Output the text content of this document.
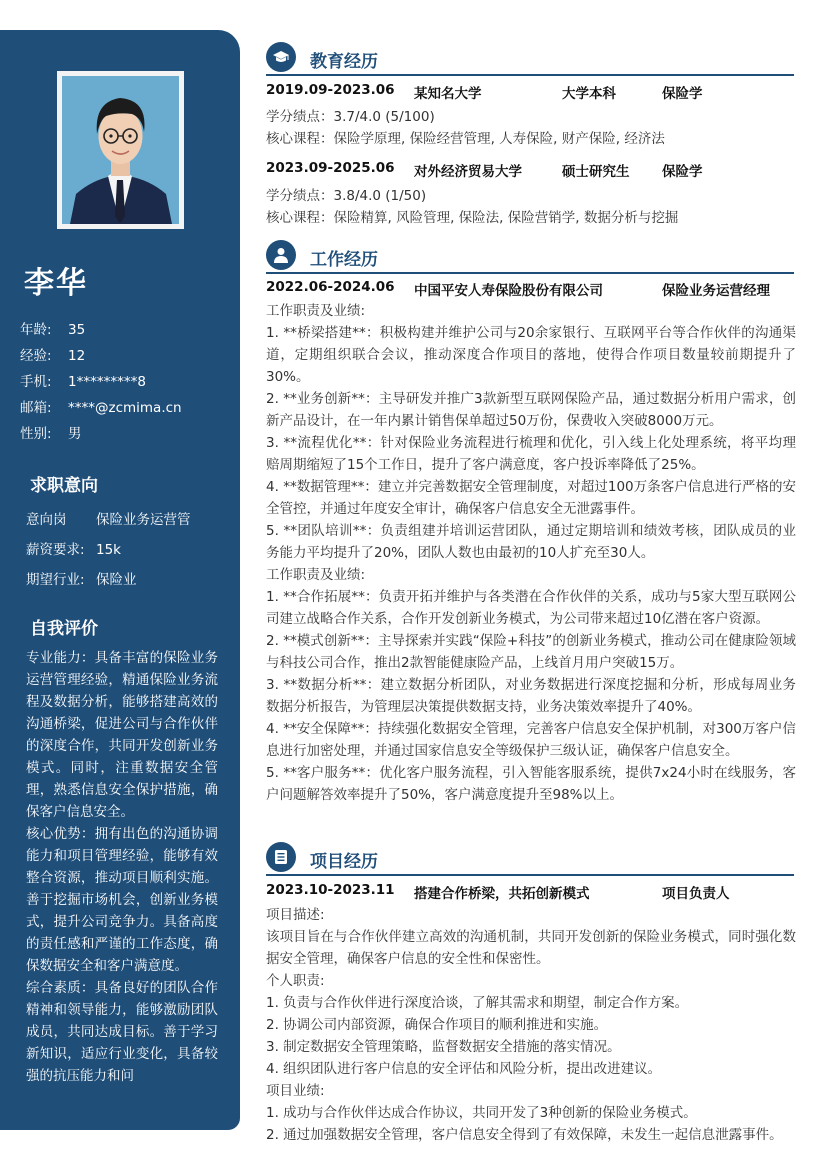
李华
年龄:	35
经验:	12
手机:	1*********8
邮箱:	****@zcmima.cn
性别:	男
求职意向
意向岗 保险业务运营管
薪资要求: 15k
期望行业: 保险业
自我评价

专业能力：具备丰富的保险业务运营管理经验，精通保险业务流程及数据分析，能够搭建高效的沟通桥梁，促进公司与合作伙伴的深度合作，共同开发创新业务模式。同时，注重数据安全管理，熟悉信息安全保护措施，确保客户信息安全。

核心优势：拥有出色的沟通协调能力和项目管理经验，能够有效整合资源，推动项目顺利实施。善于挖掘市场机会，创新业务模式，提升公司竞争力。具备高度的责任感和严谨的工作态度，确保数据安全和客户满意度。

综合素质：具备良好的团队合作精神和领导能力，能够激励团队成员，共同达成目标。善于学习新知识，适应行业变化，具备较强的抗压能力和问

教育经历
2019.09-2023.06 某知名大学	大学本科	保险学
学分绩点：3.7/4.0 (5/100)
核心课程：保险学原理, 保险经营管理, 人寿保险, 财产保险, 经济法
2023.09-2025.06 对外经济贸易大学	硕士研究生 保险学
学分绩点：3.8/4.0 (1/50)
核心课程：保险精算, 风险管理, 保险法, 保险营销学, 数据分析与挖掘
工作经历
2022.06-2024.06 中国平安人寿保险股份有限公司	保险业务运营经理
工作职责及业绩:
1. **桥梁搭建**：积极构建并维护公司与20余家银行、互联网平台等合作伙伴的沟通渠道，定期组织联合会议，推动深度合作项目的落地，使得合作项目数量较前期提升了30%。
2. **业务创新**：主导研发并推广3款新型互联网保险产品，通过数据分析用户需求，创新产品设计，在一年内累计销售保单超过50万份，保费收入突破8000万元。
3. **流程优化**：针对保险业务流程进行梳理和优化，引入线上化处理系统，将平均理赔周期缩短了15个工作日，提升了客户满意度，客户投诉率降低了25%。
4. **数据管理**：建立并完善数据安全管理制度，对超过100万条客户信息进行严格的安全管控，并通过年度安全审计，确保客户信息安全无泄露事件。
5. **团队培训**：负责组建并培训运营团队，通过定期培训和绩效考核，团队成员的业务能力平均提升了20%，团队人数也由最初的10人扩充至30人。
工作职责及业绩:
1. **合作拓展**：负责开拓并维护与各类潜在合作伙伴的关系，成功与5家大型互联网公司建立战略合作关系，合作开发创新业务模式，为公司带来超过10亿潜在客户资源。
2. **模式创新**：主导探索并实践“保险+科技”的创新业务模式，推动公司在健康险领域与科技公司合作，推出2款智能健康险产品，上线首月用户突破15万。
3. **数据分析**：建立数据分析团队，对业务数据进行深度挖掘和分析，形成每周业务数据分析报告，为管理层决策提供数据支持，业务决策效率提升了40%。
4. **安全保障**：持续强化数据安全管理，完善客户信息安全保护机制，对300万客户信息进行加密处理，并通过国家信息安全等级保护三级认证，确保客户信息安全。
5. **客户服务**：优化客户服务流程，引入智能客服系统，提供7x24小时在线服务，客户问题解答效率提升了50%，客户满意度提升至98%以上。
项目经历
2023.10-2023.11 搭建合作桥梁，共拓创新模式	项目负责人
项目描述:
该项目旨在与合作伙伴建立高效的沟通机制，共同开发创新的保险业务模式，同时强化数据安全管理，确保客户信息的安全性和保密性。
个人职责:
1. 负责与合作伙伴进行深度洽谈，了解其需求和期望，制定合作方案。
2. 协调公司内部资源，确保合作项目的顺利推进和实施。
3. 制定数据安全管理策略，监督数据安全措施的落实情况。
4. 组织团队进行客户信息的安全评估和风险分析，提出改进建议。
项目业绩:
1. 成功与合作伙伴达成合作协议，共同开发了3种创新的保险业务模式。
2. 通过加强数据安全管理，客户信息安全得到了有效保障，未发生一起信息泄露事件。
